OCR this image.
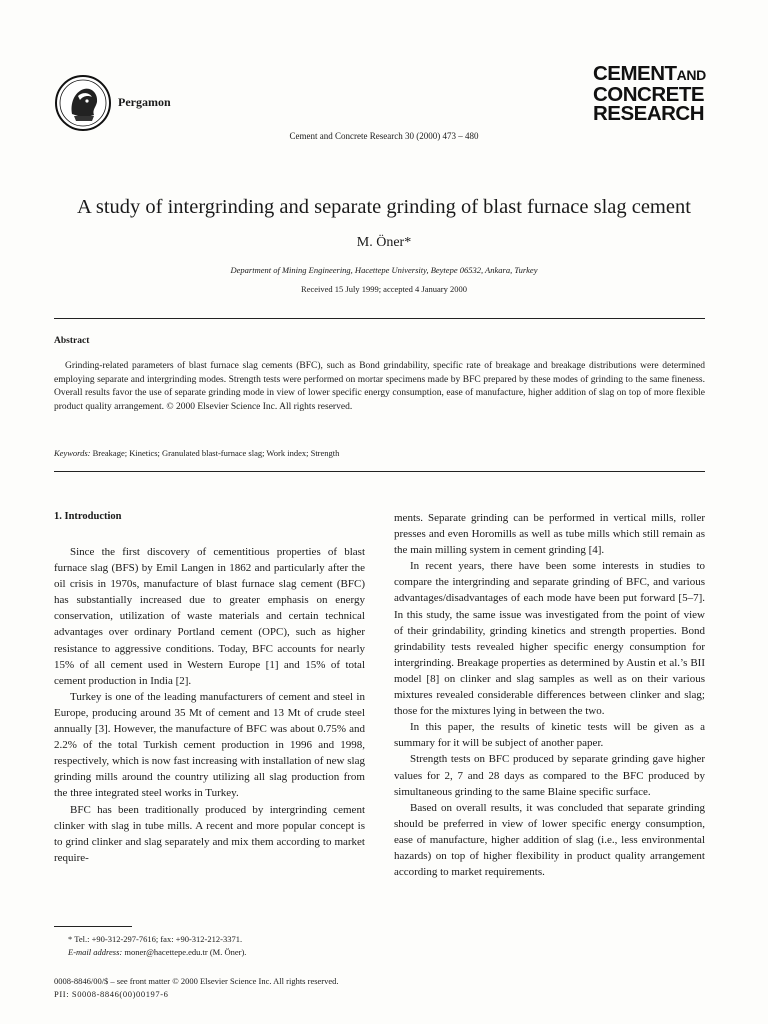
Pergamon
CEMENTAND
CONCRETE
RESEARCH
Cement and Concrete Research 30 (2000) 473 – 480
A study of intergrinding and separate grinding of blast furnace slag cement
M. Öner*
Department of Mining Engineering, Hacettepe University, Beytepe 06532, Ankara, Turkey
Received 15 July 1999; accepted 4 January 2000
Abstract

Grinding-related parameters of blast furnace slag cements (BFC), such as Bond grindability, specific rate of breakage and breakage distributions were determined employing separate and intergrinding modes. Strength tests were performed on mortar specimens made by BFC prepared by these modes of grinding to the same fineness. Overall results favor the use of separate grinding mode in view of lower specific energy consumption, ease of manufacture, higher addition of slag on top of more flexible product quality arrangement. © 2000 Elsevier Science Inc. All rights reserved.

Keywords: Breakage; Kinetics; Granulated blast-furnace slag; Work index; Strength
1. Introduction

Since the first discovery of cementitious properties of blast furnace slag (BFS) by Emil Langen in 1862 and particularly after the oil crisis in 1970s, manufacture of blast furnace slag cement (BFC) has substantially increased due to greater emphasis on energy conservation, utilization of waste materials and certain technical advantages over ordinary Portland cement (OPC), such as higher resistance to aggressive conditions. Today, BFC accounts for nearly 15% of all cement used in Western Europe [1] and 15% of total cement production in India [2].

Turkey is one of the leading manufacturers of cement and steel in Europe, producing around 35 Mt of cement and 13 Mt of crude steel annually [3]. However, the manufacture of BFC was about 0.75% and 2.2% of the total Turkish cement production in 1996 and 1998, respectively, which is now fast increasing with installation of new slag grinding mills around the country utilizing all slag production from the three integrated steel works in Turkey.

BFC has been traditionally produced by intergrinding cement clinker with slag in tube mills. A recent and more popular concept is to grind clinker and slag separately and mix them according to market require-

ments. Separate grinding can be performed in vertical mills, roller presses and even Horomills as well as tube mills which still remain as the main milling system in cement grinding [4].

In recent years, there have been some interests in studies to compare the intergrinding and separate grinding of BFC, and various advantages/disadvantages of each mode have been put forward [5–7]. In this study, the same issue was investigated from the point of view of their grindability, grinding kinetics and strength properties. Bond grindability tests revealed higher specific energy consumption for intergrinding. Breakage properties as determined by Austin et al.’s BII model [8] on clinker and slag samples as well as on their various mixtures revealed considerable differences between clinker and slag; those for the mixtures lying in between the two.

In this paper, the results of kinetic tests will be given as a summary for it will be subject of another paper.

Strength tests on BFC produced by separate grinding gave higher values for 2, 7 and 28 days as compared to the BFC produced by simultaneous grinding to the same Blaine specific surface.

Based on overall results, it was concluded that separate grinding should be preferred in view of lower specific energy consumption, ease of manufacture, higher addition of slag (i.e., less environmental hazards) on top of higher flexibility in product quality arrangement according to market requirements.

* Tel.: +90-312-297-7616; fax: +90-312-212-3371.
E-mail address: moner@hacettepe.edu.tr (M. Öner).
0008-8846/00/$ – see front matter © 2000 Elsevier Science Inc. All rights reserved.
PII: S0008-8846(00)00197-6
